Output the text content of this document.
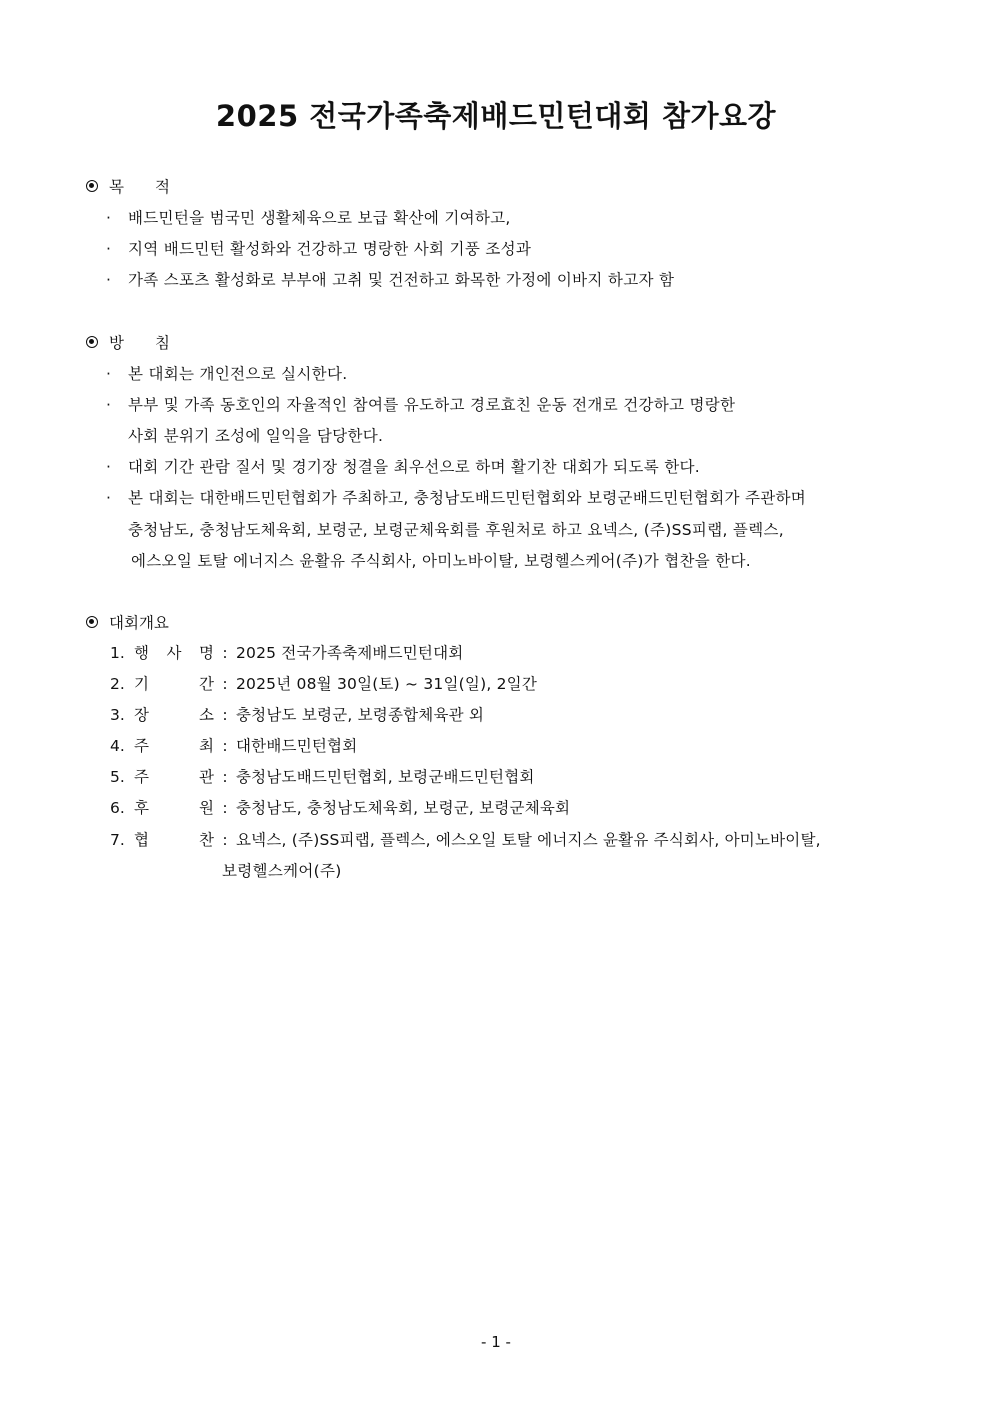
2025 전국가족축제배드민턴대회 참가요강
목　　적
· 배드민턴을 범국민 생활체육으로 보급 확산에 기여하고,
· 지역 배드민턴 활성화와 건강하고 명랑한 사회 기풍 조성과
· 가족 스포츠 활성화로 부부애 고취 및 건전하고 화목한 가정에 이바지 하고자 함
방　　침
· 본 대회는 개인전으로 실시한다.
· 부부 및 가족 동호인의 자율적인 참여를 유도하고 경로효친 운동 전개로 건강하고 명랑한
사회 분위기 조성에 일익을 담당한다.
· 대회 기간 관람 질서 및 경기장 청결을 최우선으로 하며 활기찬 대회가 되도록 한다.
· 본 대회는 대한배드민턴협회가 주최하고, 충청남도배드민턴협회와 보령군배드민턴협회가 주관하며
충청남도, 충청남도체육회, 보령군, 보령군체육회를 후원처로 하고 요넥스, (주)SS피랩, 플렉스,
에스오일 토탈 에너지스 윤활유 주식회사, 아미노바이탈, 보령헬스케어(주)가 협찬을 한다.
대회개요
1. 행 사 명 : 2025 전국가족축제배드민턴대회
2. 기	간 : 2025년 08월 30일(토) ~ 31일(일), 2일간
3. 장	소 : 충청남도 보령군, 보령종합체육관 외
4. 주	최 : 대한배드민턴협회
5. 주	관 : 충청남도배드민턴협회, 보령군배드민턴협회
6. 후	원 : 충청남도, 충청남도체육회, 보령군, 보령군체육회
7. 협	찬 : 요넥스, (주)SS피랩, 플렉스, 에스오일 토탈 에너지스 윤활유 주식회사, 아미노바이탈,
보령헬스케어(주)
- 1 -
